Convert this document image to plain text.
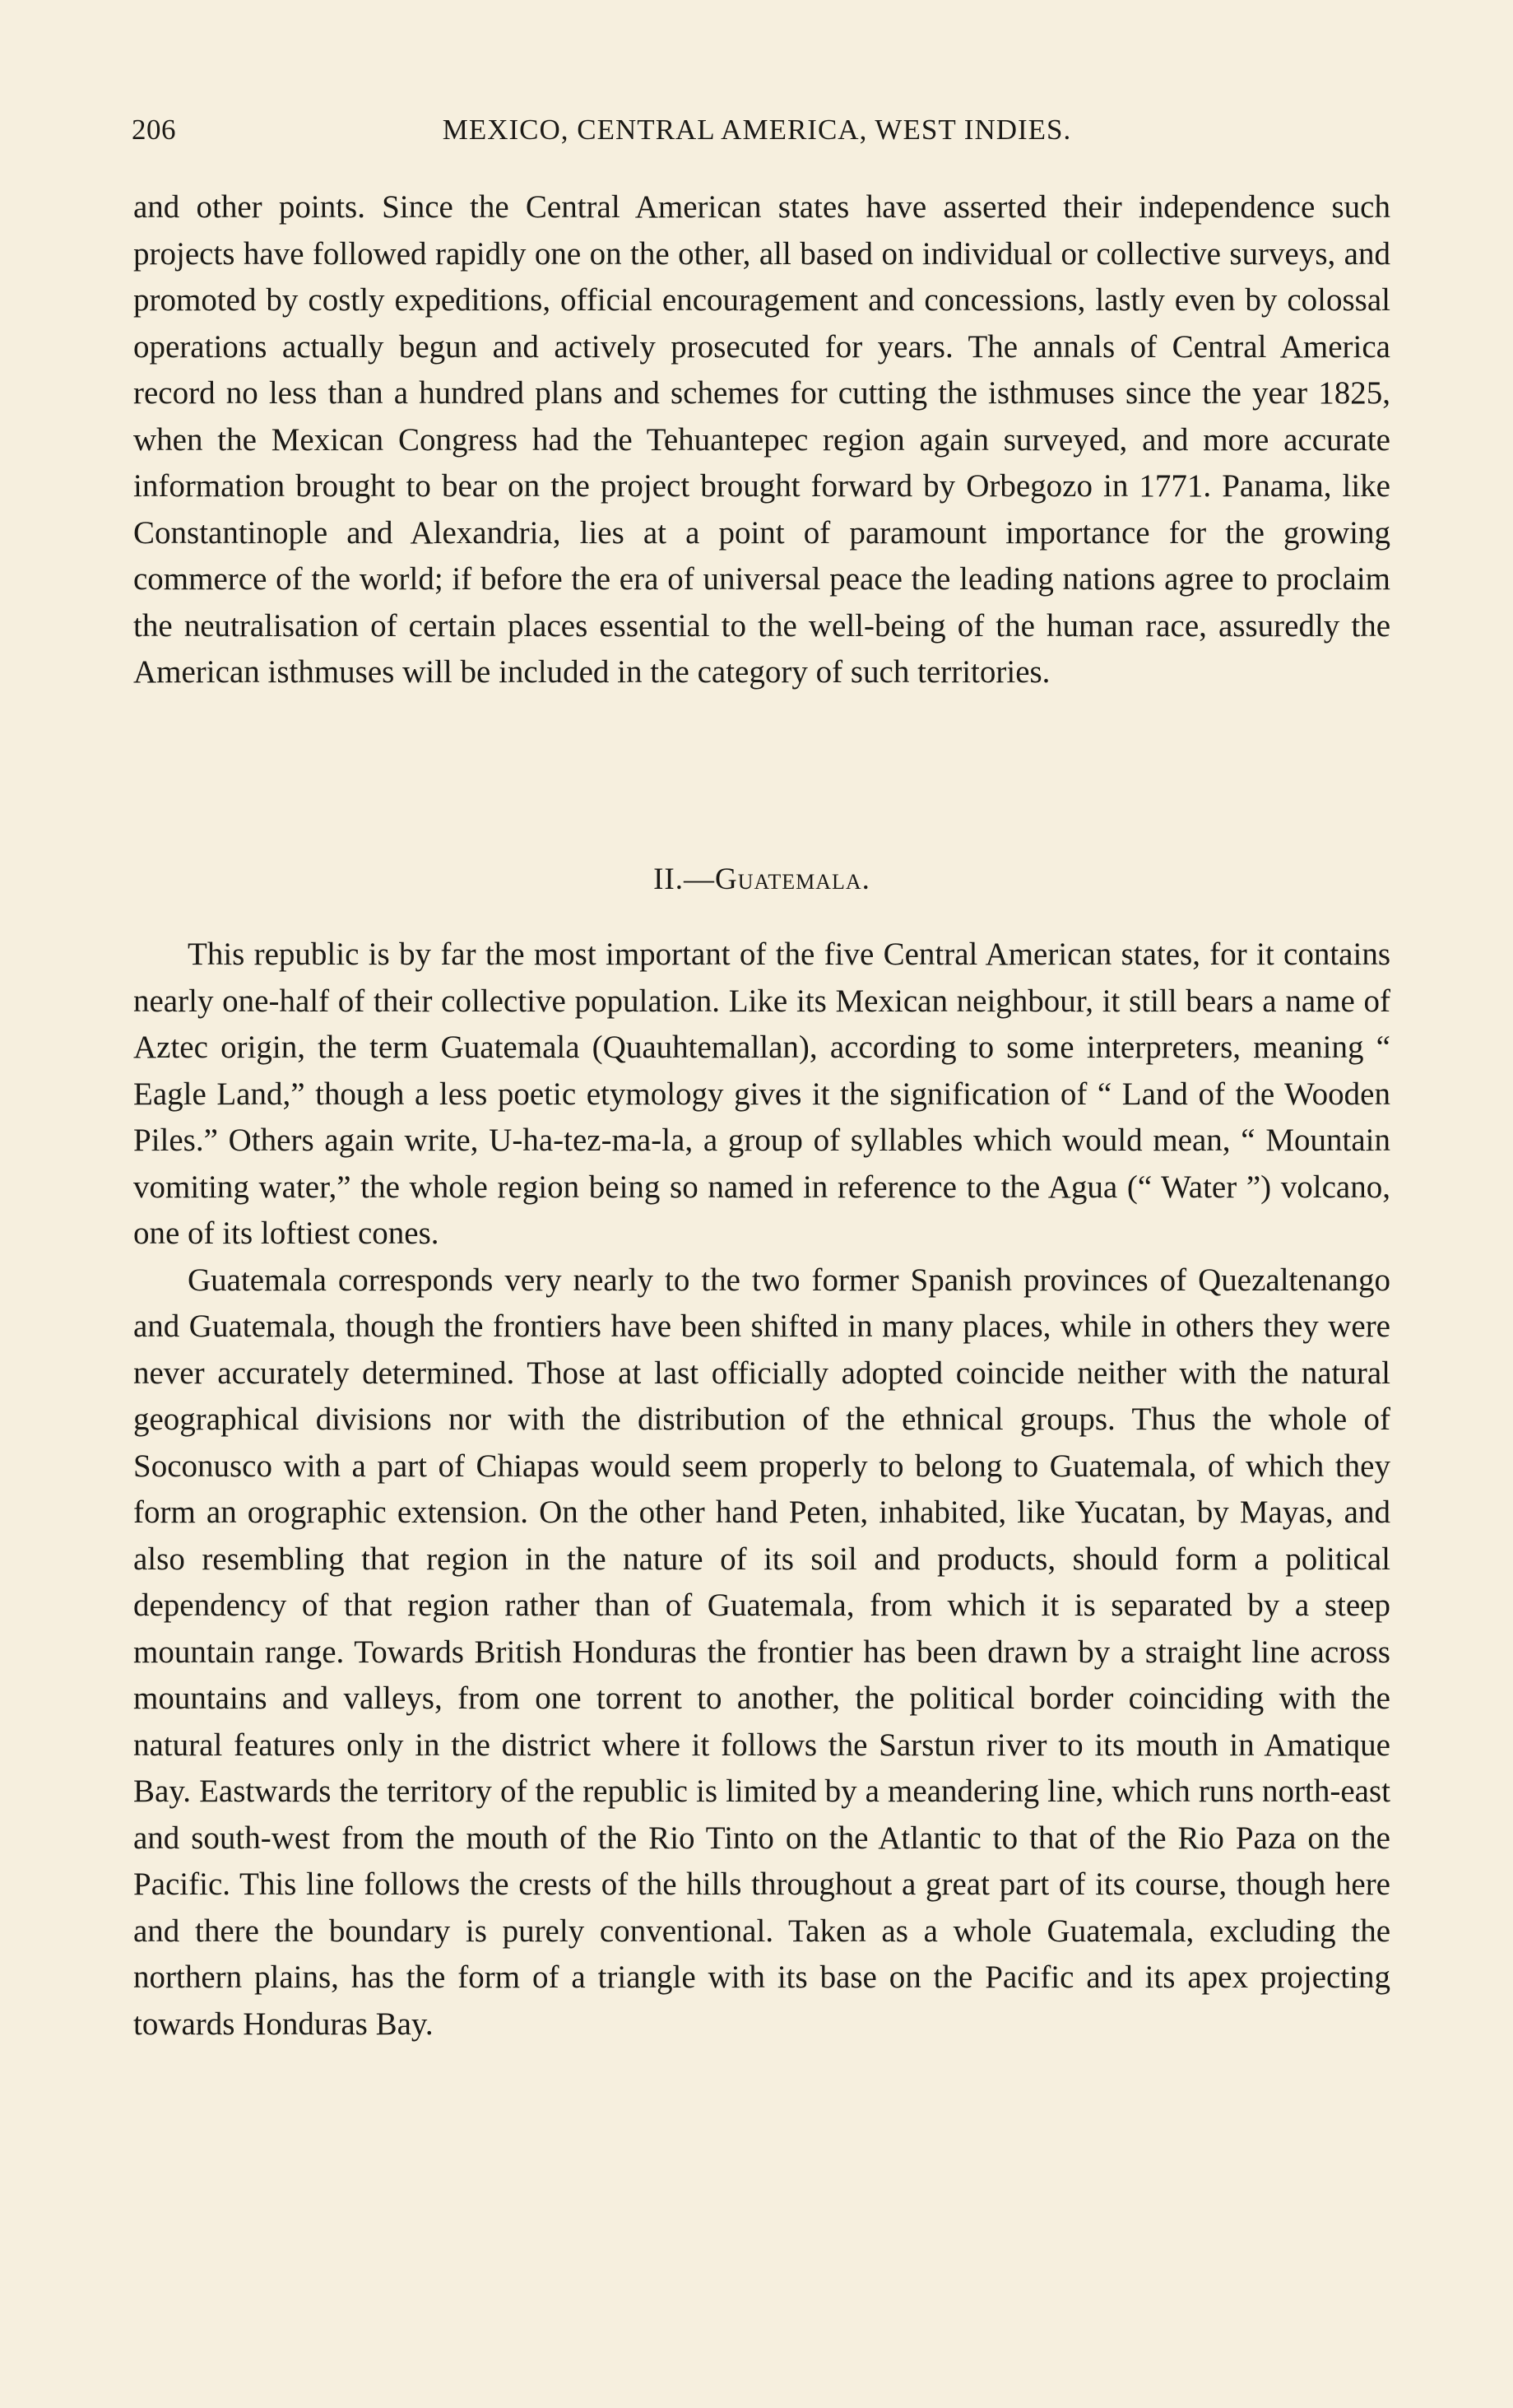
206	MEXICO, CENTRAL AMERICA, WEST INDIES.

and other points. Since the Central American states have asserted their independence such projects have followed rapidly one on the other, all based on individual or collective surveys, and promoted by costly expeditions, official encouragement and concessions, lastly even by colossal operations actually begun and actively prosecuted for years. The annals of Central America record no less than a hundred plans and schemes for cutting the isthmuses since the year 1825, when the Mexican Congress had the Tehuantepec region again surveyed, and more accurate information brought to bear on the project brought forward by Orbegozo in 1771. Panama, like Constantinople and Alexandria, lies at a point of paramount importance for the growing commerce of the world; if before the era of universal peace the leading nations agree to proclaim the neutralisation of certain places essential to the well-being of the human race, assuredly the American isthmuses will be included in the category of such territories.

II.—Guatemala.

This republic is by far the most important of the five Central American states, for it contains nearly one-half of their collective population. Like its Mexican neighbour, it still bears a name of Aztec origin, the term Guatemala (Quauhtemallan), according to some interpreters, meaning “ Eagle Land,” though a less poetic etymology gives it the signification of “ Land of the Wooden Piles.” Others again write, U-ha-tez-ma-la, a group of syllables which would mean, “ Mountain vomiting water,” the whole region being so named in reference to the Agua (“ Water ”) volcano, one of its loftiest cones.

Guatemala corresponds very nearly to the two former Spanish provinces of Quezaltenango and Guatemala, though the frontiers have been shifted in many places, while in others they were never accurately determined. Those at last officially adopted coincide neither with the natural geographical divisions nor with the distribution of the ethnical groups. Thus the whole of Soconusco with a part of Chiapas would seem properly to belong to Guatemala, of which they form an orographic extension. On the other hand Peten, inhabited, like Yucatan, by Mayas, and also resembling that region in the nature of its soil and products, should form a political dependency of that region rather than of Guatemala, from which it is separated by a steep mountain range. Towards British Honduras the frontier has been drawn by a straight line across mountains and valleys, from one torrent to another, the political border coinciding with the natural features only in the district where it follows the Sarstun river to its mouth in Amatique Bay. Eastwards the territory of the republic is limited by a meandering line, which runs north-east and south-west from the mouth of the Rio Tinto on the Atlantic to that of the Rio Paza on the Pacific. This line follows the crests of the hills throughout a great part of its course, though here and there the boundary is purely conventional. Taken as a whole Guatemala, excluding the northern plains, has the form of a triangle with its base on the Pacific and its apex projecting towards Honduras Bay.
